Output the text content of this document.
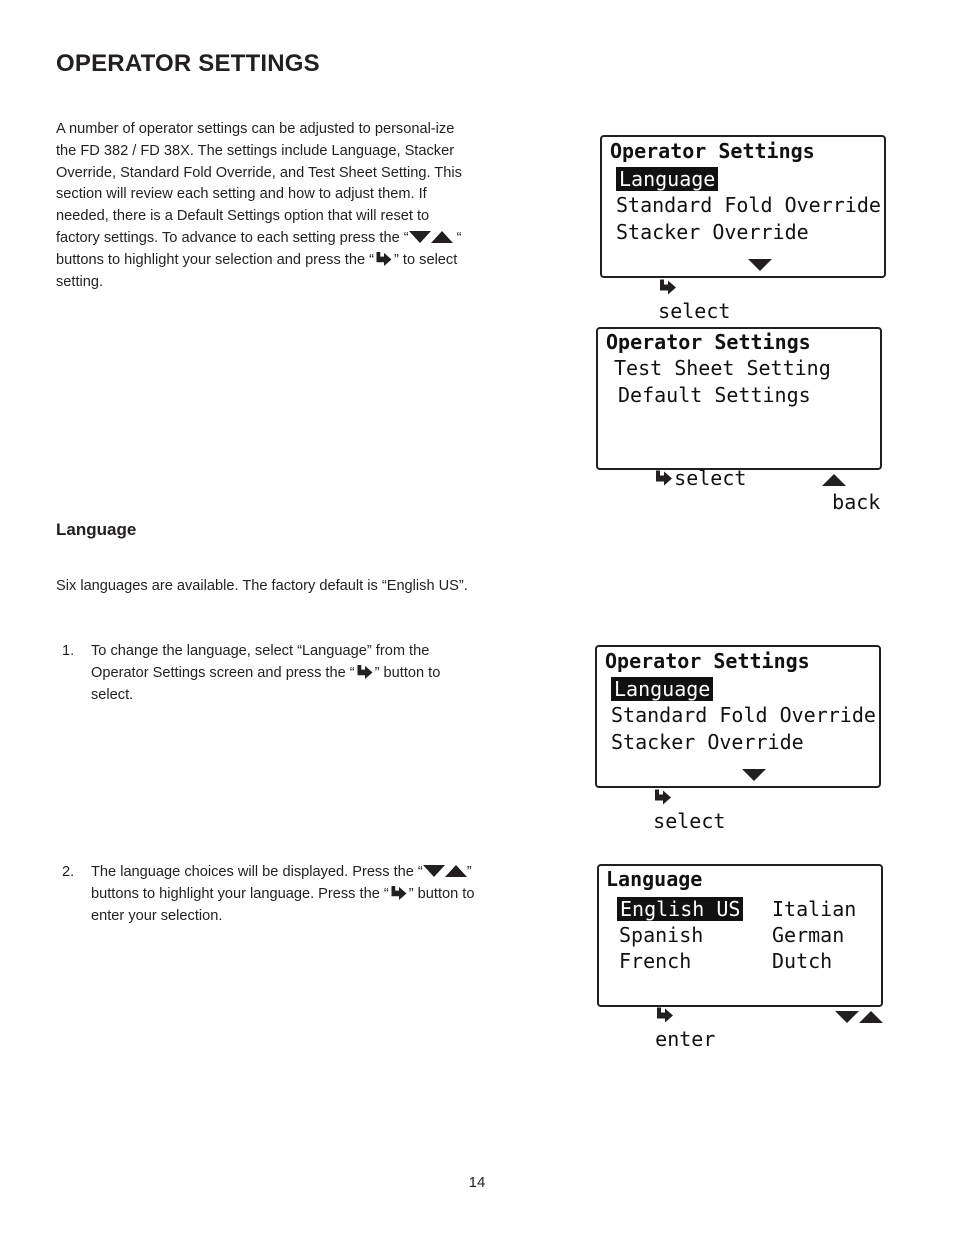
OPERATOR SETTINGS
A number of operator settings can be adjusted to personal-ize the FD 382 / FD 38X. The settings include Language, Stacker Override, Standard Fold Override, and Test Sheet Setting. This section will review each setting and how to adjust them. If needed, there is a Default Settings option that will reset to factory settings. To advance to each setting press the “	“ buttons to highlight your selection and press the “ ” to select setting.
Operator Settings
Language
Standard Fold Override
Stacker Override

select

Operator Settings
Test Sheet Setting
Default Settings

select

back

Language
Six languages are available. The factory default is “English US”.
1. To change the language, select “Language” from the Operator Settings screen and press the “ ” button to select.
Operator Settings
Language
Standard Fold Override
Stacker Override

select

2. The language choices will be displayed. Press the “	” buttons to highlight your language. Press the “ ” button to enter your selection.
Language
English US
Spanish
French
Italian
German
Dutch

enter

14
